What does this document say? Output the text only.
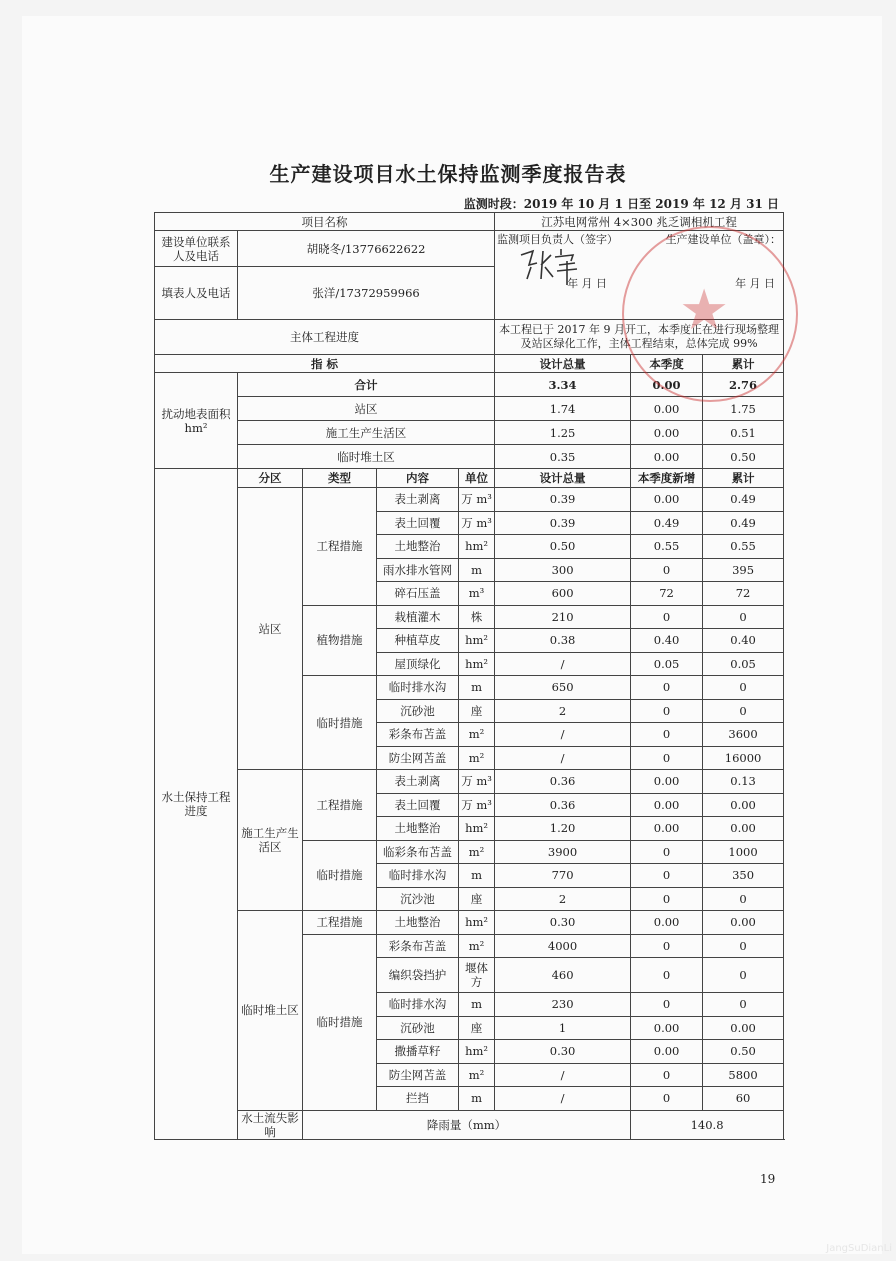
生产建设项目水土保持监测季度报告表
监测时段：2019 年 10 月 1 日至 2019 年 12 月 31 日
项目名称					江苏电网常州 4×300 兆乏调相机工程		
建设单位联系人及电话	胡晓冬/13776622622				监测项目负责人（签字） 生产建设单位（盖章）：
年 月 日 年 月 日		

填表人及电话	张洋/17372959966						
主体工程进度					本工程已于 2017 年 9 月开工，本季度正在进行现场整理及站区绿化工作，主体工程结束，总体完成 99%		
指 标					设计总量	本季度	累计
扰动地表面积 hm²	合计				3.34	0.00	2.76
	站区				1.74	0.00	1.75
	施工生产生活区				1.25	0.00	0.51
	临时堆土区				0.35	0.00	0.50
水土保持工程进度	分区	类型	内容	单位	设计总量	本季度新增	累计
	站区	工程措施	表土剥离	万 m³	0.39	0.00	0.49
			表土回覆	万 m³	0.39	0.49	0.49
			土地整治	hm²	0.50	0.55	0.55
			雨水排水管网	m	300	0	395
			碎石压盖	m³	600	72	72
		植物措施	栽植灌木	株	210	0	0
			种植草皮	hm²	0.38	0.40	0.40
			屋顶绿化	hm²	/	0.05	0.05
		临时措施	临时排水沟	m	650	0	0
			沉砂池	座	2	0	0
			彩条布苫盖	m²	/	0	3600
			防尘网苫盖	m²	/	0	16000
	施工生产生活区	工程措施	表土剥离	万 m³	0.36	0.00	0.13
			表土回覆	万 m³	0.36	0.00	0.00
			土地整治	hm²	1.20	0.00	0.00
		临时措施	临彩条布苫盖	m²	3900	0	1000
			临时排水沟	m	770	0	350
			沉沙池	座	2	0	0
	临时堆土区	工程措施	土地整治	hm²	0.30	0.00	0.00
		临时措施	彩条布苫盖	m²	4000	0	0
			编织袋挡护	堰体方	460	0	0
			临时排水沟	m	230	0	0
			沉砂池	座	1	0.00	0.00
			撒播草籽	hm²	0.30	0.00	0.50
			防尘网苫盖	m²	/	0	5800
			拦挡	m	/	0	60
	水土流失影响	降雨量（mm）				140.8	
★
19
JangSuDianLi
